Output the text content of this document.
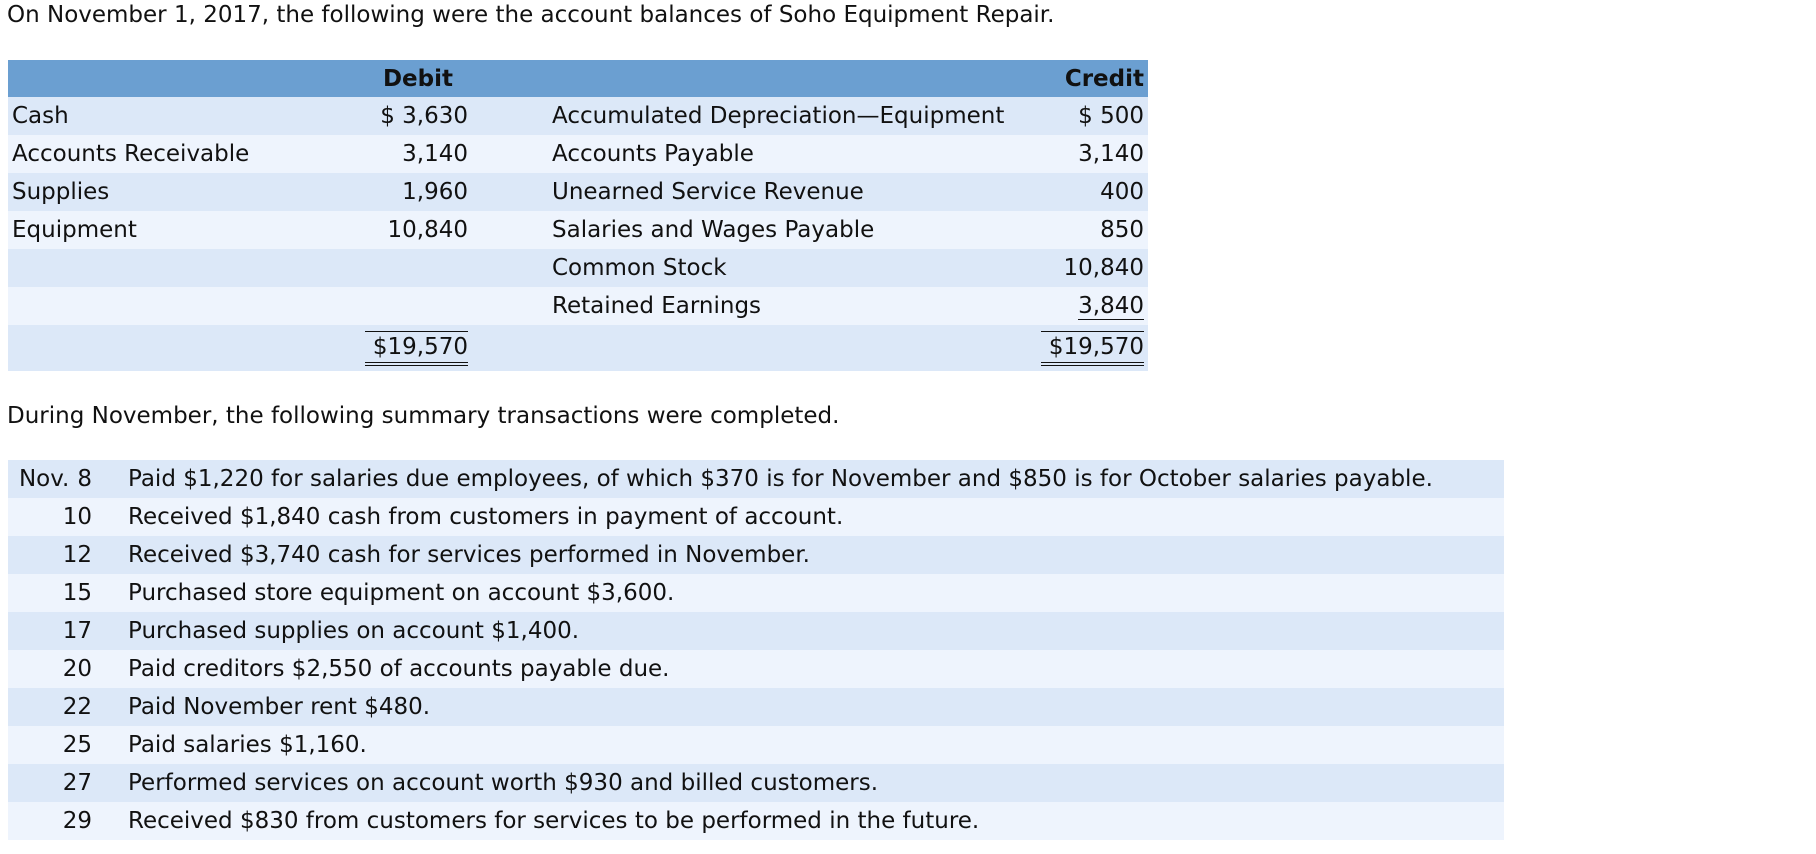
On November 1, 2017, the following were the account balances of Soho Equipment Repair.

	Debit			Credit
Cash	$ 3,630		Accumulated Depreciation—Equipment	$ 500
Accounts Receivable	3,140		Accounts Payable	3,140
Supplies	1,960		Unearned Service Revenue	400
Equipment	10,840		Salaries and Wages Payable	850
			Common Stock	10,840
			Retained Earnings	3,840
	$19,570			$19,570

During November, the following summary transactions were completed.

Nov. 8	Paid $1,220 for salaries due employees, of which $370 is for November and $850 is for October salaries payable.
10	Received $1,840 cash from customers in payment of account.
12	Received $3,740 cash for services performed in November.
15	Purchased store equipment on account $3,600.
17	Purchased supplies on account $1,400.
20	Paid creditors $2,550 of accounts payable due.
22	Paid November rent $480.
25	Paid salaries $1,160.
27	Performed services on account worth $930 and billed customers.
29	Received $830 from customers for services to be performed in the future.
